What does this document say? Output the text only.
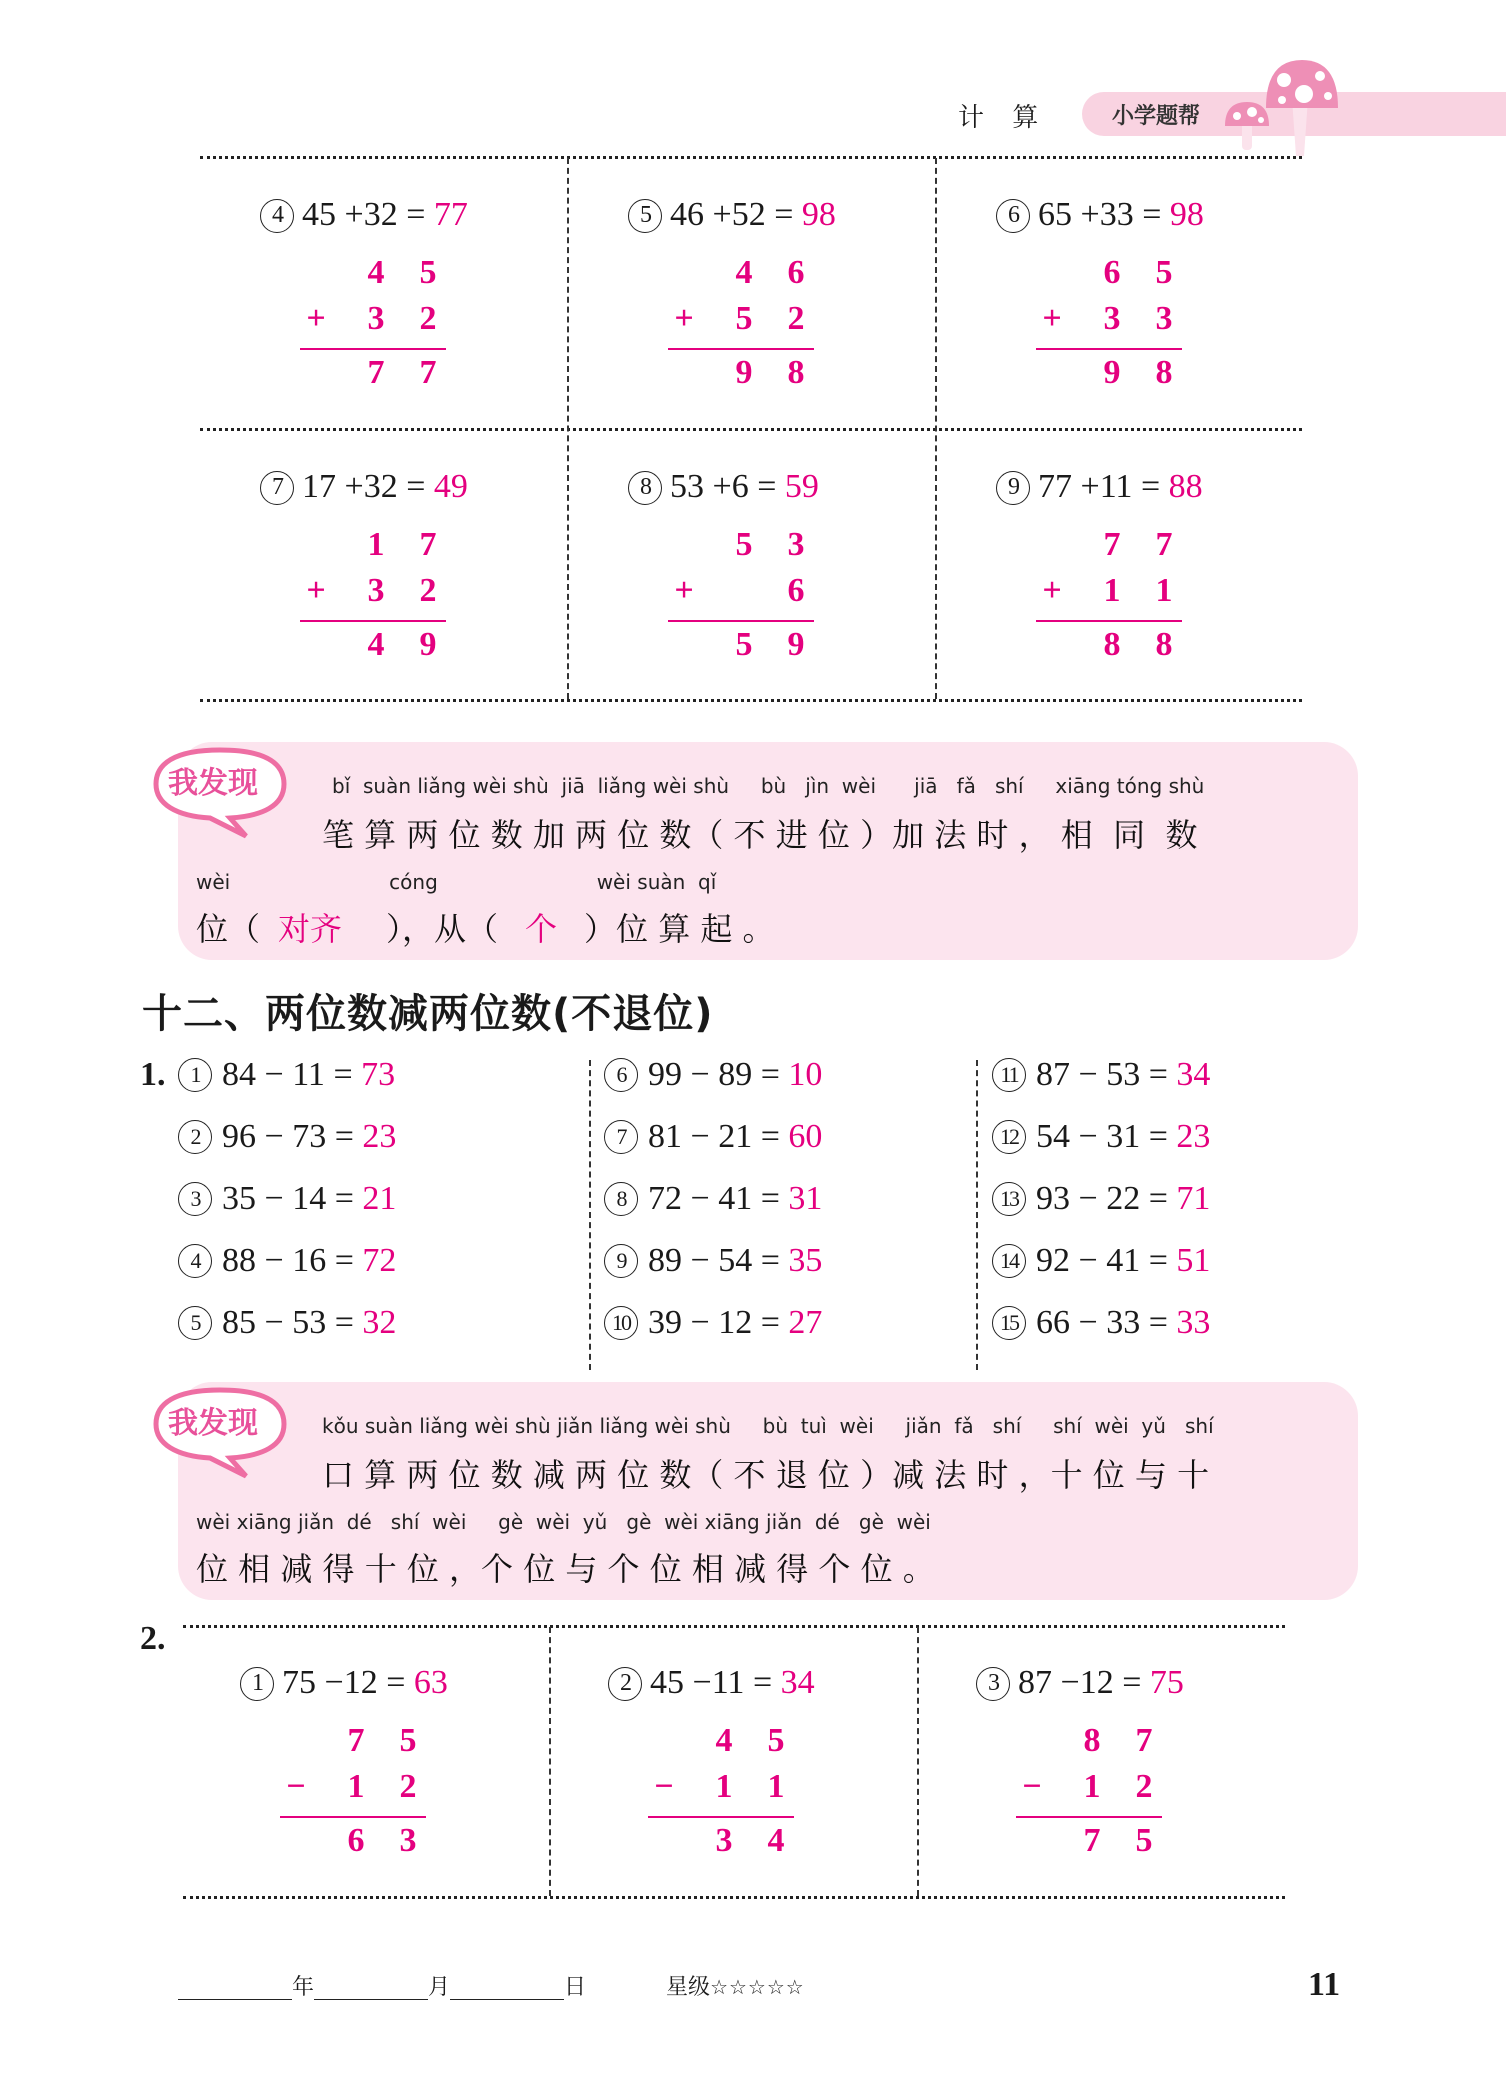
计 算	小学题帮
4 45 +32 = 77
4 5
+ 3 2
7 7
5 46 +52 = 98
4 6
+ 5 2
9 8
6 65 +33 = 98
6 5
+ 3 3
9 8
7 17 +32 = 49
1 7
+ 3 2
4 9
8 53 +6 = 59
5 3
+	6
5 9
9 77 +11 = 88
7 7
+ 1 1
8 8
我发现	bǐ  suàn liǎng wèi shù  jiā  liǎng wèi shù     bù   jìn  wèi      jiā   fǎ   shí     xiāng tóng shù
笔 算 两 位 数 加 两 位 数（ 不 进 位 ）加 法 时 ， 相  同  数
wèi                         cóng                         wèi suàn  qǐ
位（ 对齐 ），从（ 个 ）位 算 起 。
十二、两位数减两位数(不退位)
1.	1 84 − 11 = 73
2 96 − 73 = 23
3 35 − 14 = 21
4 88 − 16 = 72
5 85 − 53 = 32
6 99 − 89 = 10
7 81 − 21 = 60
8 72 − 41 = 31
9 89 − 54 = 35
10 39 − 12 = 27
11 87 − 53 = 34
12 54 − 31 = 23
13 93 − 22 = 71
14 92 − 41 = 51
15 66 − 33 = 33
我发现	kǒu suàn liǎng wèi shù jiǎn liǎng wèi shù     bù  tuì  wèi     jiǎn  fǎ   shí     shí  wèi  yǔ   shí
口 算 两 位 数 减 两 位 数（ 不 退 位 ）减 法 时 ，十 位 与 十
wèi xiāng jiǎn  dé   shí  wèi     gè  wèi  yǔ   gè  wèi xiāng jiǎn  dé   gè  wèi
位 相 减 得 十 位 ，个 位 与 个 位 相 减 得 个 位 。
2.
1 75 −12 = 63
7 5
− 1 2
6 3
2 45 −11 = 34
4 5
− 1 1
3 4
3 87 −12 = 75
8 7
− 1 2
7 5
年	月	日	星级☆☆☆☆☆	11
